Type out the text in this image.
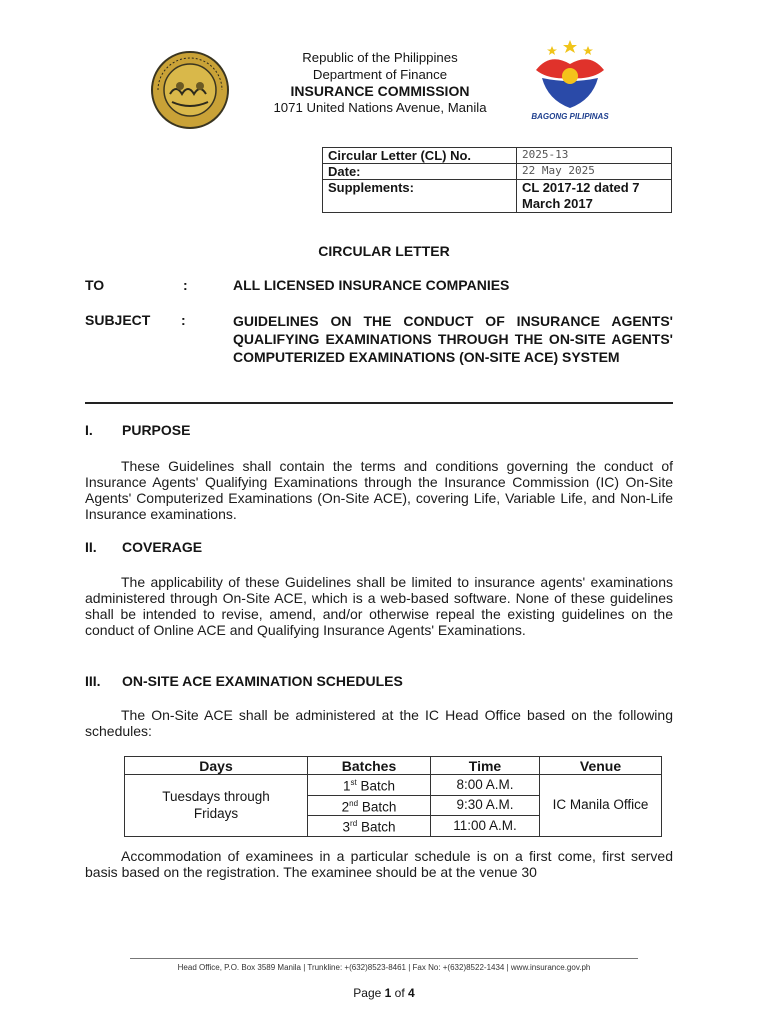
Republic of the Philippines
Department of Finance
INSURANCE COMMISSION
1071 United Nations Avenue, Manila
BAGONG PILIPINAS
Circular Letter (CL) No.	2025-13
Date:	22 May 2025
Supplements:	CL 2017-12 dated 7 March 2017
CIRCULAR LETTER
TO	:	ALL LICENSED INSURANCE COMPANIES
SUBJECT :	GUIDELINES ON THE CONDUCT OF INSURANCE AGENTS' QUALIFYING EXAMINATIONS THROUGH THE ON-SITE AGENTS' COMPUTERIZED EXAMINATIONS (ON-SITE ACE) SYSTEM
I. PURPOSE
These Guidelines shall contain the terms and conditions governing the conduct of Insurance Agents' Qualifying Examinations through the Insurance Commission (IC) On-Site Agents' Computerized Examinations (On-Site ACE), covering Life, Variable Life, and Non-Life Insurance examinations.
II. COVERAGE
The applicability of these Guidelines shall be limited to insurance agents' examinations administered through On-Site ACE, which is a web-based software. None of these guidelines shall be intended to revise, amend, and/or otherwise repeal the existing guidelines on the conduct of Online ACE and Qualifying Insurance Agents' Examinations.
III. ON-SITE ACE EXAMINATION SCHEDULES
The On-Site ACE shall be administered at the IC Head Office based on the following schedules:
Days	Batches	Time	Venue
Tuesdays through Fridays	1st Batch	8:00 A.M.	IC Manila Office
	2nd Batch	9:30 A.M.	
	3rd Batch	11:00 A.M.	
Accommodation of examinees in a particular schedule is on a first come, first served basis based on the registration. The examinee should be at the venue 30
Head Office, P.O. Box 3589 Manila | Trunkline: +(632)8523-8461 | Fax No: +(632)8522-1434 | www.insurance.gov.ph
Page 1 of 4
